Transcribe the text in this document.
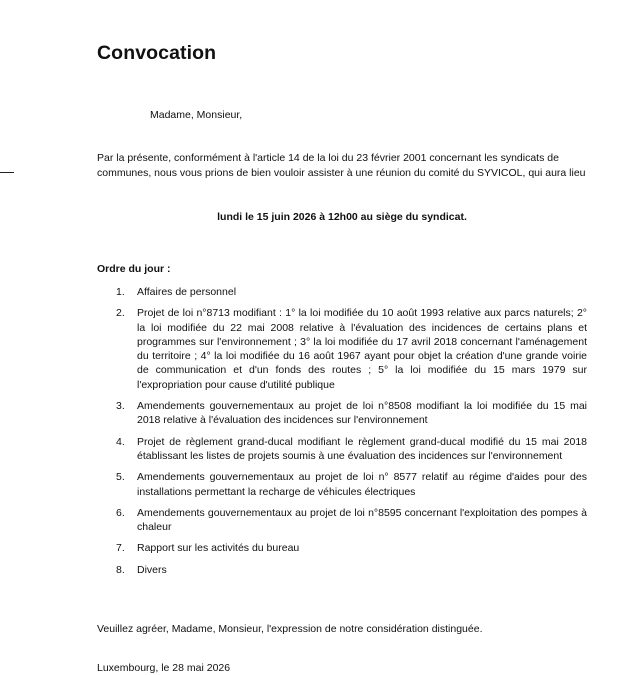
Convocation
Madame, Monsieur,
Par la présente, conformément à l'article 14 de la loi du 23 février 2001 concernant les syndicats de communes, nous vous prions de bien vouloir assister à une réunion du comité du SYVICOL, qui aura lieu
lundi le 15 juin 2026 à 12h00 au siège du syndicat.
Ordre du jour :
1.	Affaires de personnel
2.	Projet de loi n°8713 modifiant : 1° la loi modifiée du 10 août 1993 relative aux parcs naturels; 2° la loi modifiée du 22 mai 2008 relative à l'évaluation des incidences de certains plans et programmes sur l'environnement ; 3° la loi modifiée du 17 avril 2018 concernant l'aménagement du territoire ; 4° la loi modifiée du 16 août 1967 ayant pour objet la création d'une grande voirie de communication et d'un fonds des routes ; 5° la loi modifiée du 15 mars 1979 sur l'expropriation pour cause d'utilité publique
3.	Amendements gouvernementaux au projet de loi n°8508 modifiant la loi modifiée du 15 mai 2018 relative à l'évaluation des incidences sur l'environnement
4.	Projet de règlement grand-ducal modifiant le règlement grand-ducal modifié du 15 mai 2018 établissant les listes de projets soumis à une évaluation des incidences sur l'environnement
5.	Amendements gouvernementaux au projet de loi n° 8577 relatif au régime d'aides pour des installations permettant la recharge de véhicules électriques
6.	Amendements gouvernementaux au projet de loi n°8595 concernant l'exploitation des pompes à chaleur
7.	Rapport sur les activités du bureau
8.	Divers
Veuillez agréer, Madame, Monsieur, l'expression de notre considération distinguée.
Luxembourg, le 28 mai 2026
